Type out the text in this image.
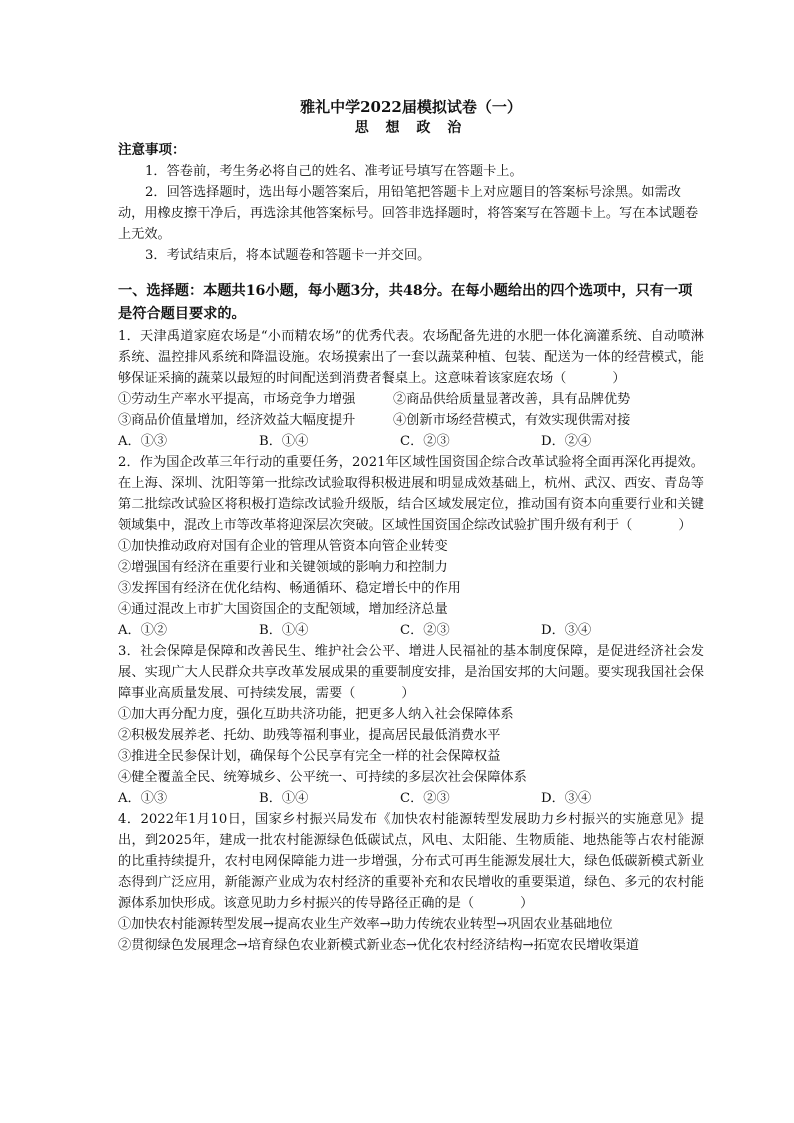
雅礼中学2022届模拟试卷（一）
思 想 政 治
注意事项：

1．答卷前，考生务必将自己的姓名、准考证号填写在答题卡上。

2．回答选择题时，选出每小题答案后，用铅笔把答题卡上对应题目的答案标号涂黑。如需改动，用橡皮擦干净后，再选涂其他答案标号。回答非选择题时，将答案写在答题卡上。写在本试题卷上无效。

3．考试结束后，将本试题卷和答题卡一并交回。

一、选择题：本题共16小题，每小题3分，共48分。在每小题给出的四个选项中，只有一项是符合题目要求的。

1．天津禹道家庭农场是“小而精农场”的优秀代表。农场配备先进的水肥一体化滴灌系统、自动喷淋系统、温控排风系统和降温设施。农场摸索出了一套以蔬菜种植、包装、配送为一体的经营模式，能够保证采摘的蔬菜以最短的时间配送到消费者餐桌上。这意味着该家庭农场（	）

①劳动生产率水平提高，市场竞争力增强	②商品供给质量显著改善，具有品牌优势
③商品价值量增加，经济效益大幅度提升	④创新市场经营模式，有效实现供需对接
A．①③	B．①④	C．②③	D．②④

2．作为国企改革三年行动的重要任务，2021年区域性国资国企综合改革试验将全面再深化再提效。在上海、深圳、沈阳等第一批综改试验取得积极进展和明显成效基础上，杭州、武汉、西安、青岛等第二批综改试验区将积极打造综改试验升级版，结合区域发展定位，推动国有资本向重要行业和关键领域集中，混改上市等改革将迎深层次突破。区域性国资国企综改试验扩围升级有利于（	）

①加快推动政府对国有企业的管理从管资本向管企业转变
②增强国有经济在重要行业和关键领域的影响力和控制力
③发挥国有经济在优化结构、畅通循环、稳定增长中的作用
④通过混改上市扩大国资国企的支配领域，增加经济总量
A．①②	B．①④	C．②③	D．③④

3．社会保障是保障和改善民生、维护社会公平、增进人民福祉的基本制度保障，是促进经济社会发展、实现广大人民群众共享改革发展成果的重要制度安排，是治国安邦的大问题。要实现我国社会保障事业高质量发展、可持续发展，需要（	）

①加大再分配力度，强化互助共济功能，把更多人纳入社会保障体系
②积极发展养老、托幼、助残等福利事业，提高居民最低消费水平
③推进全民参保计划，确保每个公民享有完全一样的社会保障权益
④健全覆盖全民、统筹城乡、公平统一、可持续的多层次社会保障体系
A．①③	B．①④	C．②③	D．③④

4．2022年1月10日，国家乡村振兴局发布《加快农村能源转型发展助力乡村振兴的实施意见》提出，到2025年，建成一批农村能源绿色低碳试点，风电、太阳能、生物质能、地热能等占农村能源的比重持续提升，农村电网保障能力进一步增强，分布式可再生能源发展壮大，绿色低碳新模式新业态得到广泛应用，新能源产业成为农村经济的重要补充和农民增收的重要渠道，绿色、多元的农村能源体系加快形成。该意见助力乡村振兴的传导路径正确的是（	）

①加快农村能源转型发展→提高农业生产效率→助力传统农业转型→巩固农业基础地位
②贯彻绿色发展理念→培育绿色农业新模式新业态→优化农村经济结构→拓宽农民增收渠道
